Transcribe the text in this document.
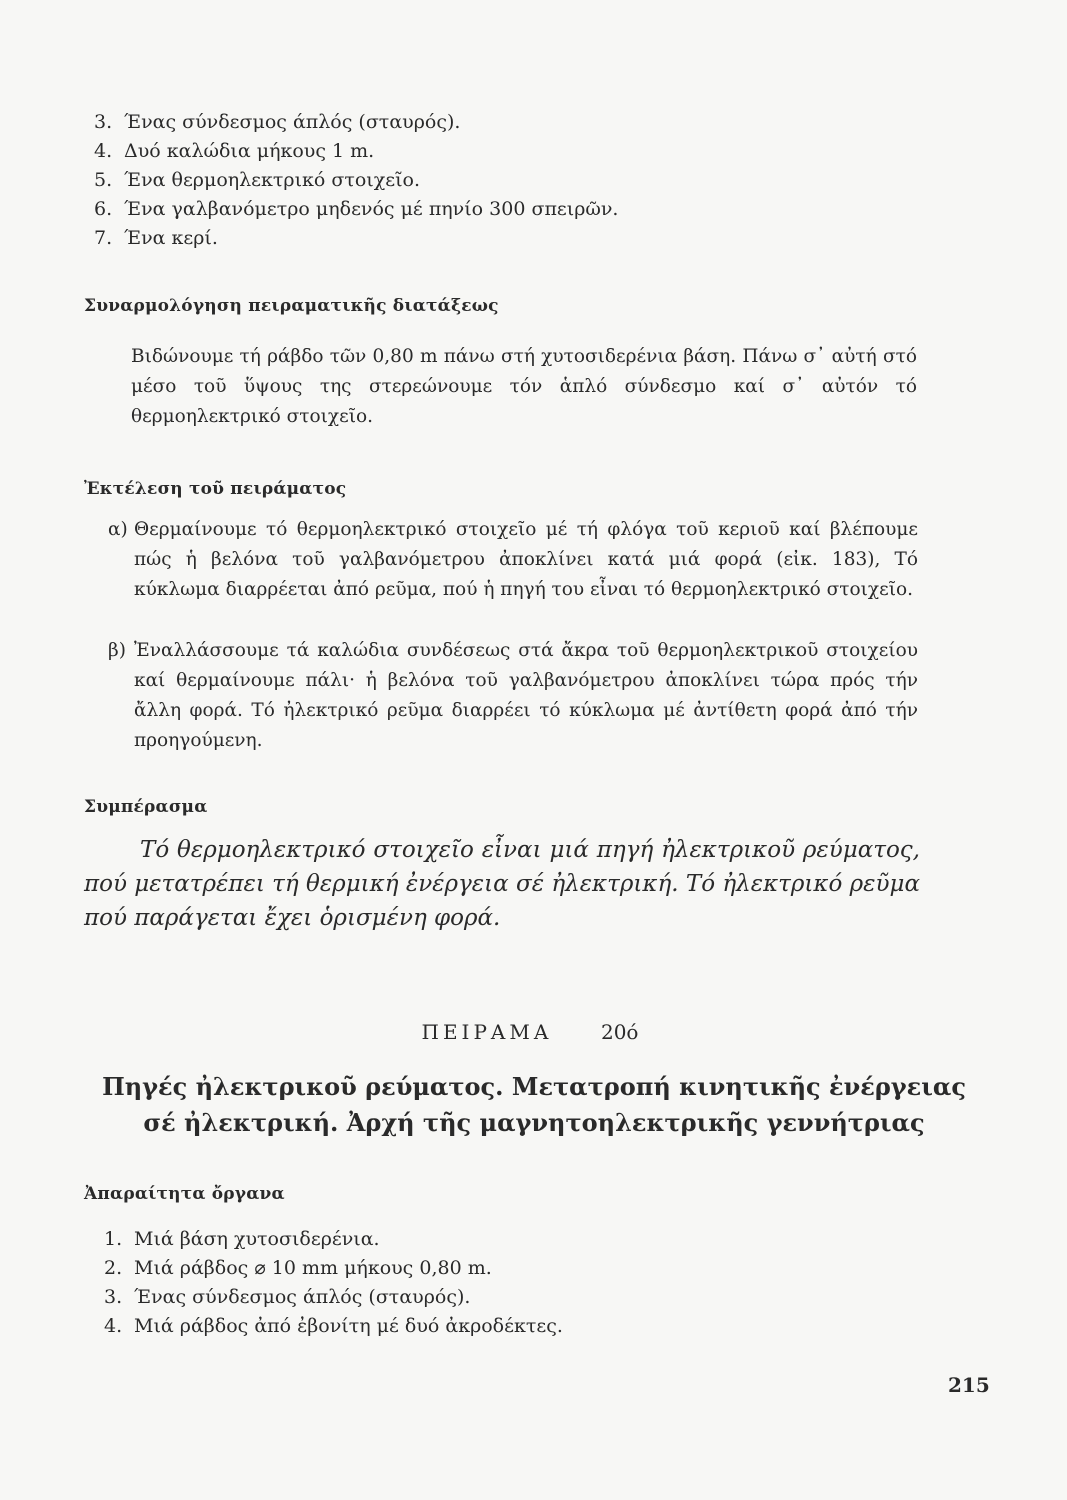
3. Ένας σύνδεσμος άπλός (σταυρός).
4. Δυό καλώδια μήκους 1 m.
5. Ένα θερμοηλεκτρικό στοιχεῖο.
6. Ένα γαλβανόμετρο μηδενός μέ πηνίο 300 σπειρῶν.
7. Ένα κερί.
Συναρμολόγηση πειραματικῆς διατάξεως
Βιδώνουμε τή ράβδο τῶν 0,80 m πάνω στή χυτοσιδερένια βάση. Πάνω σ᾽ αὐτή στό μέσο τοῦ ὕψους της στερεώνουμε τόν ἁπλό σύνδεσμο καί σ᾽ αὐτόν τό θερμοηλεκτρικό στοιχεῖο.
Ἐκτέλεση τοῦ πειράματος
α) Θερμαίνουμε τό θερμοηλεκτρικό στοιχεῖο μέ τή φλόγα τοῦ κεριοῦ καί βλέπουμε πώς ἡ βελόνα τοῦ γαλβανόμετρου ἀποκλίνει κατά μιά φορά (εἰκ. 183), Τό κύκλωμα διαρρέεται ἀπό ρεῦμα, πού ἡ πηγή του εἶναι τό θερμοηλεκτρικό στοιχεῖο.
β) Ἐναλλάσσουμε τά καλώδια συνδέσεως στά ἄκρα τοῦ θερμοηλεκτρικοῦ στοιχείου καί θερμαίνουμε πάλι· ἡ βελόνα τοῦ γαλβανόμετρου ἀποκλίνει τώρα πρός τήν ἄλλη φορά. Τό ἠλεκτρικό ρεῦμα διαρρέει τό κύκλωμα μέ ἀντίθετη φορά ἀπό τήν προηγούμενη.
Συμπέρασμα
Τό θερμοηλεκτρικό στοιχεῖο εἶναι μιά πηγή ἠλεκτρικοῦ ρεύματος, πού μετατρέπει τή θερμική ἐνέργεια σέ ἠλεκτρική. Τό ἠλεκτρικό ρεῦμα πού παράγεται ἔχει ὁρισμένη φορά.
ΠΕΙΡΑΜΑ 20ό
Πηγές ἠλεκτρικοῦ ρεύματος. Μετατροπή κινητικῆς ἐνέργειας σέ ἠλεκτρική. Ἀρχή τῆς μαγνητοηλεκτρικῆς γεννήτριας
Ἀπαραίτητα ὄργανα
1. Μιά βάση χυτοσιδερένια.
2. Μιά ράβδος ⌀ 10 mm μήκους 0,80 m.
3. Ένας σύνδεσμος άπλός (σταυρός).
4. Μιά ράβδος ἀπό ἐβονίτη μέ δυό ἀκροδέκτες.
215
